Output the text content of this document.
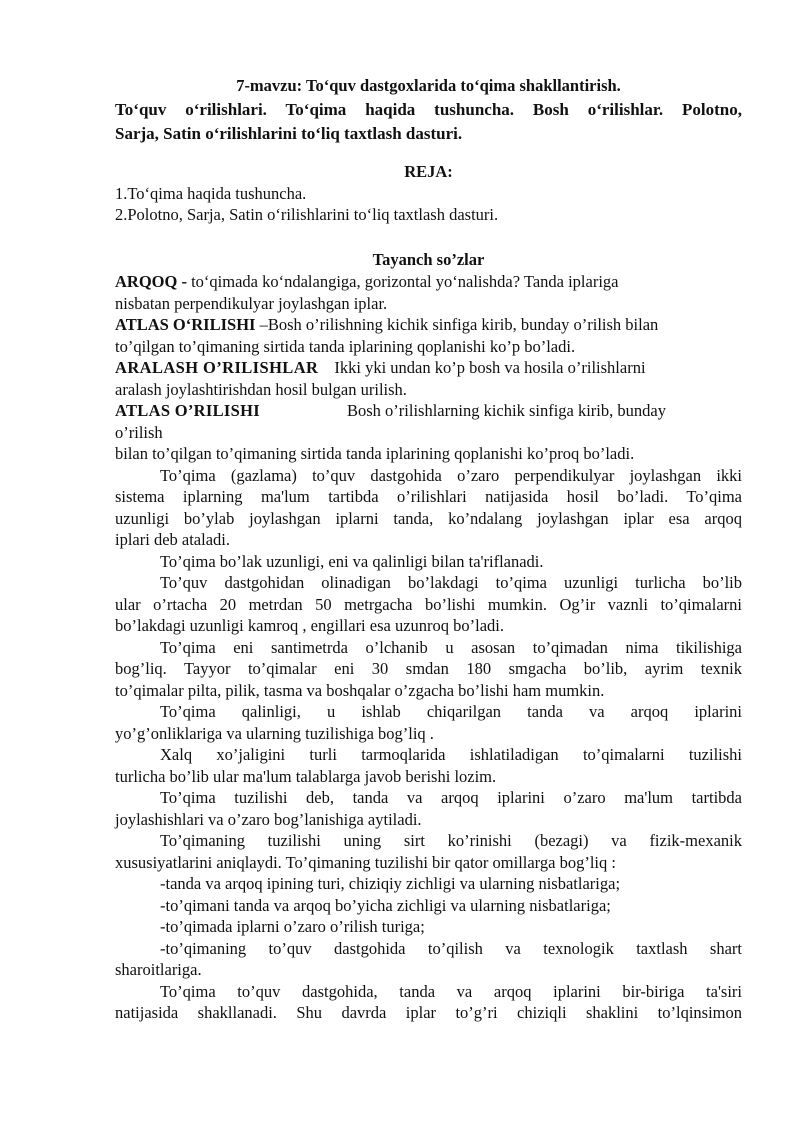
7-mavzu: To‘quv dastgoxlarida to‘qima shakllantirish.
To‘quv o‘rilishlari. To‘qima haqida tushuncha. Bosh o‘rilishlar. Polotno,
Sarja, Satin o‘rilishlarini to‘liq taxtlash dasturi.
REJA:
1.To‘qima haqida tushuncha.
2.Polotno, Sarja, Satin o‘rilishlarini to‘liq taxtlash dasturi.
Tayanch so’zlar
ARQOQ - to‘qimada ko‘ndalangiga, gorizontal yo‘nalishda? Tanda iplariga
nisbatan perpendikulyar joylashgan iplar.
ATLAS O‘RILISHI –Bosh o’rilishning kichik sinfiga kirib, bunday o’rilish bilan
to’qilgan to’qimaning sirtida tanda iplarining qoplanishi ko’p bo’ladi.
ARALASH O’RILISHLAR Ikki yki undan ko’p bosh va hosila o’rilishlarni
aralash joylashtirishdan hosil bulgan urilish.
ATLAS O’RILISHI	Bosh o’rilishlarning kichik sinfiga kirib, bunday
o’rilish
bilan to’qilgan to’qimaning sirtida tanda iplarining qoplanishi ko’proq bo’ladi.
To’qima (gazlama) to’quv dastgohida o’zaro perpendikulyar joylashgan ikki
sistema iplarning ma'lum tartibda o’rilishlari natijasida hosil bo’ladi. To’qima
uzunligi bo’ylab joylashgan iplarni tanda, ko’ndalang joylashgan iplar esa arqoq
iplari deb ataladi.
To’qima bo’lak uzunligi, eni va qalinligi bilan ta'riflanadi.
To’quv dastgohidan olinadigan bo’lakdagi to’qima uzunligi turlicha bo’lib
ular o’rtacha 20 metrdan 50 metrgacha bo’lishi mumkin. Og’ir vaznli to’qimalarni
bo’lakdagi uzunligi kamroq , engillari esa uzunroq bo’ladi.
To’qima eni santimetrda o’lchanib u asosan to’qimadan nima tikilishiga
bog’liq. Tayyor to’qimalar eni 30 smdan 180 smgacha bo’lib, ayrim texnik
to’qimalar pilta, pilik, tasma va boshqalar o’zgacha bo’lishi ham mumkin.
To’qima qalinligi, u ishlab chiqarilgan tanda va arqoq iplarini
yo’g’onliklariga va ularning tuzilishiga bog’liq .
Xalq xo’jaligini turli tarmoqlarida ishlatiladigan to’qimalarni tuzilishi
turlicha bo’lib ular ma'lum talablarga javob berishi lozim.
To’qima tuzilishi deb, tanda va arqoq iplarini o’zaro ma'lum tartibda
joylashishlari va o’zaro bog’lanishiga aytiladi.
To’qimaning tuzilishi uning sirt ko’rinishi (bezagi) va fizik-mexanik
xususiyatlarini aniqlaydi. To’qimaning tuzilishi bir qator omillarga bog’liq :
-tanda va arqoq ipining turi, chiziqiy zichligi va ularning nisbatlariga;
-to’qimani tanda va arqoq bo’yicha zichligi va ularning nisbatlariga;
-to’qimada iplarni o’zaro o’rilish turiga;
-to’qimaning to’quv dastgohida to’qilish va texnologik taxtlash shart
sharoitlariga.
To’qima to’quv dastgohida, tanda va arqoq iplarini bir-biriga ta'siri
natijasida shakllanadi. Shu davrda iplar to’g’ri chiziqli shaklini to’lqinsimon
